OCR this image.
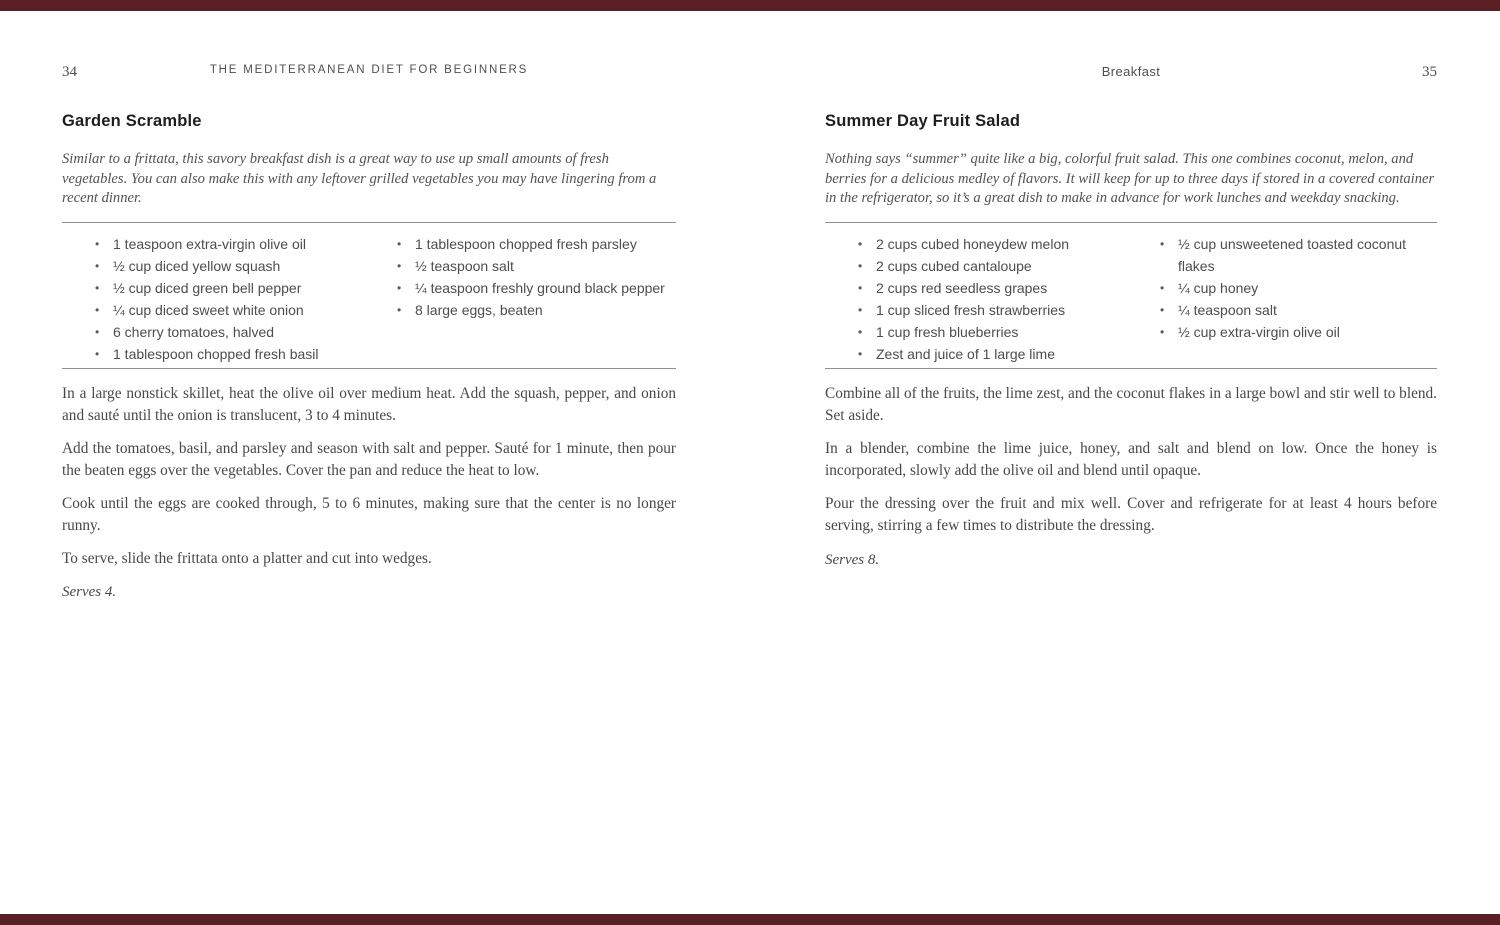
34	THE MEDITERRANEAN DIET FOR BEGINNERS
Garden Scramble
Similar to a frittata, this savory breakfast dish is a great way to use up small amounts of fresh vegetables. You can also make this with any leftover grilled vegetables you may have lingering from a recent dinner.
• 1 teaspoon extra-virgin olive oil
• ½ cup diced yellow squash
• ½ cup diced green bell pepper
• ¼ cup diced sweet white onion
• 6 cherry tomatoes, halved
• 1 tablespoon chopped fresh basil
• 1 tablespoon chopped fresh parsley
• ½ teaspoon salt
• ¼ teaspoon freshly ground black pepper
• 8 large eggs, beaten

In a large nonstick skillet, heat the olive oil over medium heat. Add the squash, pepper, and onion and sauté until the onion is translucent, 3 to 4 minutes.

Add the tomatoes, basil, and parsley and season with salt and pepper. Sauté for 1 minute, then pour the beaten eggs over the vegetables. Cover the pan and reduce the heat to low.

Cook until the eggs are cooked through, 5 to 6 minutes, making sure that the center is no longer runny.

To serve, slide the frittata onto a platter and cut into wedges.

Serves 4.
Breakfast	35
Summer Day Fruit Salad
Nothing says “summer” quite like a big, colorful fruit salad. This one combines coconut, melon, and berries for a delicious medley of flavors. It will keep for up to three days if stored in a covered container in the refrigerator, so it’s a great dish to make in advance for work lunches and weekday snacking.
• 2 cups cubed honeydew melon
• 2 cups cubed cantaloupe
• 2 cups red seedless grapes
• 1 cup sliced fresh strawberries
• 1 cup fresh blueberries
• Zest and juice of 1 large lime
• ½ cup unsweetened toasted coconut flakes
• ¼ cup honey
• ¼ teaspoon salt
• ½ cup extra-virgin olive oil

Combine all of the fruits, the lime zest, and the coconut flakes in a large bowl and stir well to blend. Set aside.

In a blender, combine the lime juice, honey, and salt and blend on low. Once the honey is incorporated, slowly add the olive oil and blend until opaque.

Pour the dressing over the fruit and mix well. Cover and refrigerate for at least 4 hours before serving, stirring a few times to distribute the dressing.

Serves 8.
